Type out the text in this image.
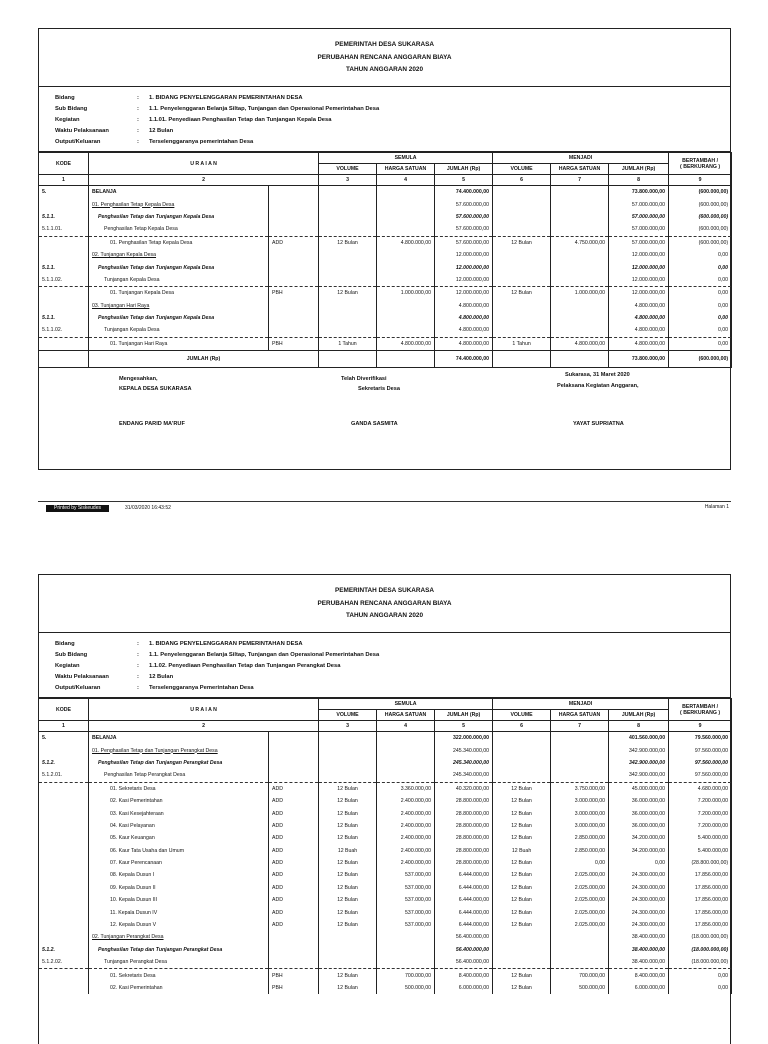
PEMERINTAH DESA SUKARASA
PERUBAHAN RENCANA ANGGARAN BIAYA
TAHUN ANGGARAN 2020
Bidang	: 1. BIDANG PENYELENGGARAN PEMERINTAHAN DESA
Sub Bidang	: 1.1. Penyelenggaran Belanja Siltap, Tunjangan dan Operasional Pemerintahan Desa
Kegiatan	: 1.1.01. Penyediaan Penghasilan Tetap dan Tunjangan Kepala Desa
Waktu Pelaksanaan	: 12 Bulan
Output/Keluaran	: Terselenggaranya pemerintahan Desa
KODE	U R A I A N		SEMULA			MENJADI			BERTAMBAH /
( BERKURANG )
			VOLUME	HARGA SATUAN	JUMLAH (Rp)	VOLUME	HARGA SATUAN	JUMLAH (Rp)	
1	2		3	4	5	6	7	8	9
5.	BELANJA				74.400.000,00			73.800.000,00	(600.000,00)
	01. Penghasilan Tetap Kepala Desa				57.600.000,00			57.000.000,00	(600.000,00)
5.1.1.	Penghasilan Tetap dan Tunjangan Kepala Desa				57.600.000,00			57.000.000,00	(600.000,00)
5.1.1.01.	Penghasilan Tetap Kepala Desa				57.600.000,00			57.000.000,00	(600.000,00)
	01. Penghasilan Tetap Kepala Desa	ADD	12 Bulan	4.800.000,00	57.600.000,00	12 Bulan	4.750.000,00	57.000.000,00	(600.000,00)
	02. Tunjangan Kepala Desa				12.000.000,00			12.000.000,00	0,00
5.1.1.	Penghasilan Tetap dan Tunjangan Kepala Desa				12.000.000,00			12.000.000,00	0,00
5.1.1.02.	Tunjangan Kepala Desa				12.000.000,00			12.000.000,00	0,00
	01. Tunjangan Kepala Desa	PBH	12 Bulan	1.000.000,00	12.000.000,00	12 Bulan	1.000.000,00	12.000.000,00	0,00
	03. Tunjangan Hari Raya				4.800.000,00			4.800.000,00	0,00
5.1.1.	Penghasilan Tetap dan Tunjangan Kepala Desa				4.800.000,00			4.800.000,00	0,00
5.1.1.02.	Tunjangan Kepala Desa				4.800.000,00			4.800.000,00	0,00
	01. Tunjangan Hari Raya	PBH	1 Tahun	4.800.000,00	4.800.000,00	1 Tahun	4.800.000,00	4.800.000,00	0,00
	JUMLAH (Rp)				74.400.000,00			73.800.000,00	(600.000,00)
Mengesahkan,
KEPALA DESA SUKARASA
ENDANG PARID MA'RUF
Telah Diverifikasi
Sekretaris Desa
GANDA SASMITA
Sukarasa, 31 Maret 2020
Pelaksana Kegiatan Anggaran,
YAYAT SUPRIATNA
Printed by Siskeudes	31/03/2020 16:43:52	Halaman 1
PEMERINTAH DESA SUKARASA
PERUBAHAN RENCANA ANGGARAN BIAYA
TAHUN ANGGARAN 2020
Bidang	: 1. BIDANG PENYELENGGARAN PEMERINTAHAN DESA
Sub Bidang	: 1.1. Penyelenggaran Belanja Siltap, Tunjangan dan Operasional Pemerintahan Desa
Kegiatan	: 1.1.02. Penyediaan Penghasilan Tetap dan Tunjangan Perangkat Desa
Waktu Pelaksanaan	: 12 Bulan
Output/Keluaran	: Terselenggaranya Pemerintahan Desa
KODE	U R A I A N		SEMULA			MENJADI			BERTAMBAH /
( BERKURANG )
			VOLUME	HARGA SATUAN	JUMLAH (Rp)	VOLUME	HARGA SATUAN	JUMLAH (Rp)	
1	2		3	4	5	6	7	8	9
5.	BELANJA				322.000.000,00			401.560.000,00	79.560.000,00
	01. Penghasilan Tetap dan Tunjangan Perangkat Desa				245.340.000,00			342.900.000,00	97.560.000,00
5.1.2.	Penghasilan Tetap dan Tunjangan Perangkat Desa				245.340.000,00			342.900.000,00	97.560.000,00
5.1.2.01.	Penghasilan Tetap Perangkat Desa				245.340.000,00			342.900.000,00	97.560.000,00
	01. Sekretaris Desa	ADD	12 Bulan	3.360.000,00	40.320.000,00	12 Bulan	3.750.000,00	45.000.000,00	4.680.000,00
	02. Kasi Pemerintahan	ADD	12 Bulan	2.400.000,00	28.800.000,00	12 Bulan	3.000.000,00	36.000.000,00	7.200.000,00
	03. Kasi Kesejahteraan	ADD	12 Bulan	2.400.000,00	28.800.000,00	12 Bulan	3.000.000,00	36.000.000,00	7.200.000,00
	04. Kasi Pelayanan	ADD	12 Bulan	2.400.000,00	28.800.000,00	12 Bulan	3.000.000,00	36.000.000,00	7.200.000,00
	05. Kaur Keuangan	ADD	12 Bulan	2.400.000,00	28.800.000,00	12 Bulan	2.850.000,00	34.200.000,00	5.400.000,00
	06. Kaur Tata Usaha dan Umum	ADD	12 Buah	2.400.000,00	28.800.000,00	12 Buah	2.850.000,00	34.200.000,00	5.400.000,00
	07. Kaur Perencanaan	ADD	12 Bulan	2.400.000,00	28.800.000,00	12 Bulan	0,00	0,00	(28.800.000,00)
	08. Kepala Dusun I	ADD	12 Bulan	537.000,00	6.444.000,00	12 Bulan	2.025.000,00	24.300.000,00	17.856.000,00
	09. Kepala Dusun II	ADD	12 Bulan	537.000,00	6.444.000,00	12 Bulan	2.025.000,00	24.300.000,00	17.856.000,00
	10. Kepala Dusun III	ADD	12 Bulan	537.000,00	6.444.000,00	12 Bulan	2.025.000,00	24.300.000,00	17.856.000,00
	11. Kepala Dusun IV	ADD	12 Bulan	537.000,00	6.444.000,00	12 Bulan	2.025.000,00	24.300.000,00	17.856.000,00
	12. Kepala Dusun V	ADD	12 Bulan	537.000,00	6.444.000,00	12 Bulan	2.025.000,00	24.300.000,00	17.856.000,00
	02. Tunjangan Perangkat Desa				56.400.000,00			38.400.000,00	(18.000.000,00)
5.1.2.	Penghasilan Tetap dan Tunjangan Perangkat Desa				56.400.000,00			38.400.000,00	(18.000.000,00)
5.1.2.02.	Tunjangan Perangkat Desa				56.400.000,00			38.400.000,00	(18.000.000,00)
	01. Sekretaris Desa	PBH	12 Bulan	700.000,00	8.400.000,00	12 Bulan	700.000,00	8.400.000,00	0,00
	02. Kasi Pemerintahan	PBH	12 Bulan	500.000,00	6.000.000,00	12 Bulan	500.000,00	6.000.000,00	0,00
